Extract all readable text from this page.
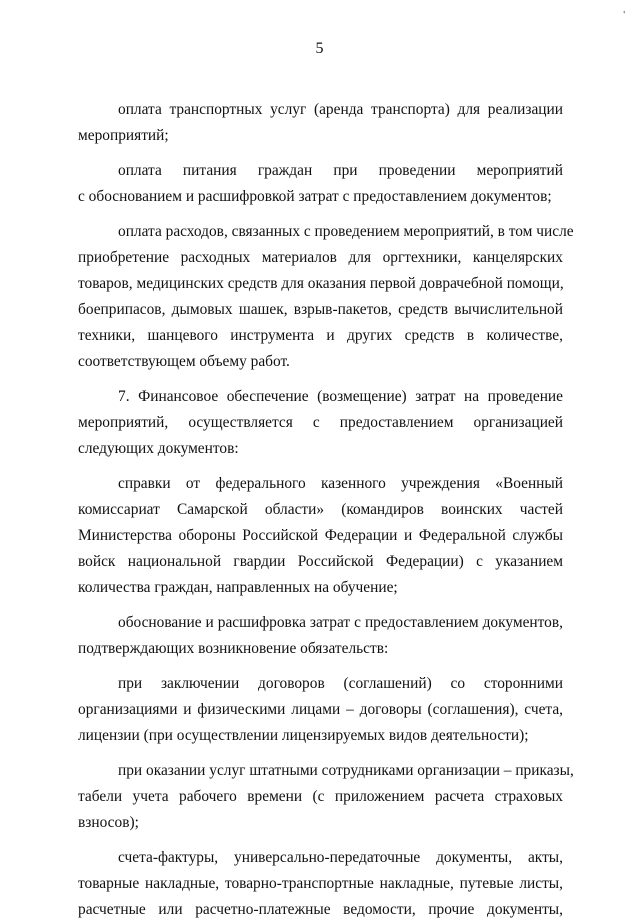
'
5
оплата транспортных услуг (аренда транспорта) для реализации
мероприятий;
оплата питания граждан при проведении мероприятий
с обоснованием и расшифровкой затрат с предоставлением документов;
оплата расходов, связанных с проведением мероприятий, в том числе
приобретение расходных материалов для оргтехники, канцелярских
товаров, медицинских средств для оказания первой доврачебной помощи,
боеприпасов, дымовых шашек, взрыв-пакетов, средств вычислительной
техники, шанцевого инструмента и других средств в количестве,
соответствующем объему работ.
7. Финансовое обеспечение (возмещение) затрат на проведение
мероприятий, осуществляется с предоставлением организацией
следующих документов:
справки от федерального казенного учреждения «Военный
комиссариат Самарской области» (командиров воинских частей
Министерства обороны Российской Федерации и Федеральной службы
войск национальной гвардии Российской Федерации) с указанием
количества граждан, направленных на обучение;
обоснование и расшифровка затрат с предоставлением документов,
подтверждающих возникновение обязательств:
при заключении договоров (соглашений) со сторонними
организациями и физическими лицами – договоры (соглашения), счета,
лицензии (при осуществлении лицензируемых видов деятельности);
при оказании услуг штатными сотрудниками организации – приказы,
табели учета рабочего времени (с приложением расчета страховых
взносов);
счета-фактуры, универсально-передаточные документы, акты,
товарные накладные, товарно-транспортные накладные, путевые листы,
расчетные или расчетно-платежные ведомости, прочие документы,
